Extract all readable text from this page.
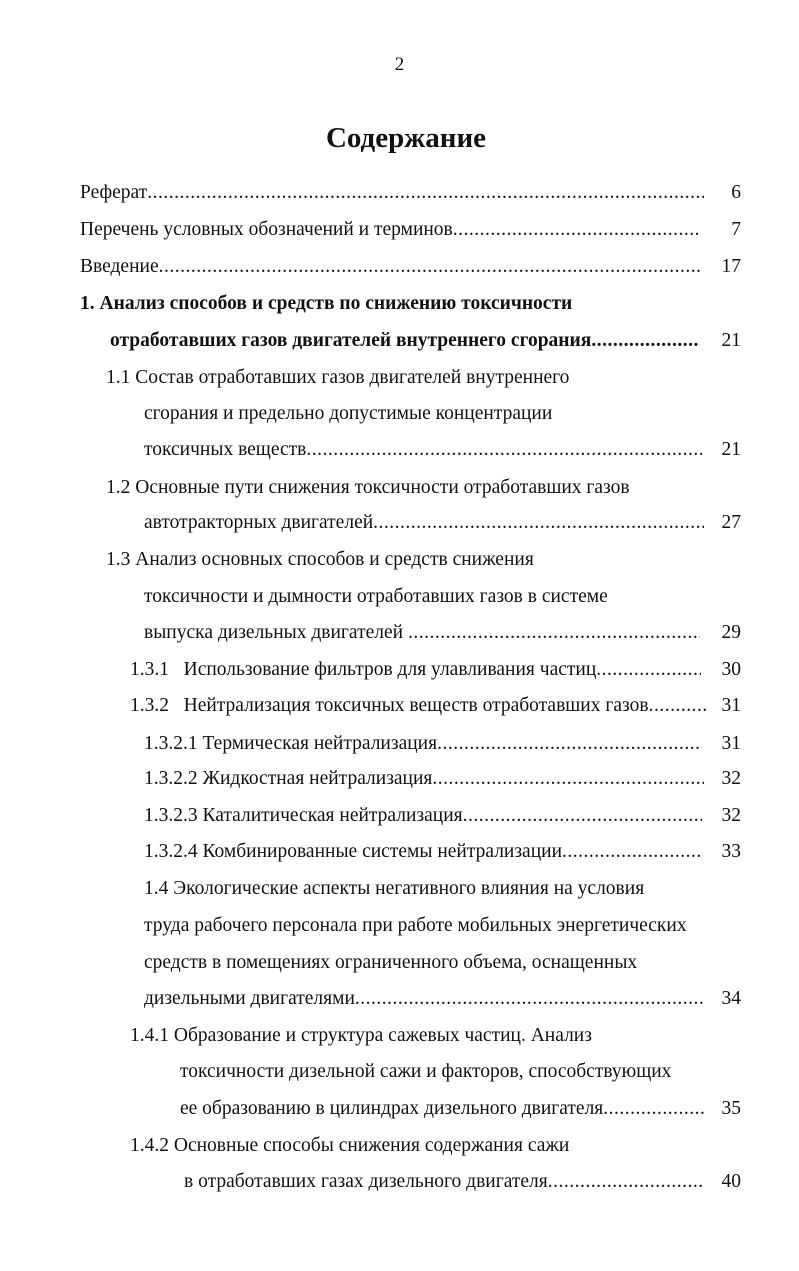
2
Содержание
Реферат .....	6
Перечень условных обозначений и терминов .....	7
Введение .....	17
1. Анализ способов и средств по снижению токсичности
отработавших газов двигателей внутреннего сгорания .....	21
1.1 Состав отработавших газов двигателей внутреннего
сгорания и предельно допустимые концентрации
токсичных веществ .....	21
1.2 Основные пути снижения токсичности отработавших газов
автотракторных двигателей .....	27
1.3 Анализ основных способов и средств снижения
токсичности и дымности отработавших газов в системе
выпуска дизельных двигателей .....	29
1.3.1   Использование фильтров для улавливания частиц .....	30
1.3.2   Нейтрализация токсичных веществ отработавших газов .....	31
1.3.2.1 Термическая нейтрализация .....	31
1.3.2.2 Жидкостная нейтрализация .....	32
1.3.2.3 Каталитическая нейтрализация .....	32
1.3.2.4 Комбинированные системы нейтрализации .....	33
1.4 Экологические аспекты негативного влияния на условия
труда рабочего персонала при работе мобильных энергетических
средств в помещениях ограниченного объема, оснащенных
дизельными двигателями .....	34
1.4.1 Образование и структура сажевых частиц. Анализ
токсичности дизельной сажи и факторов, способствующих
ее образованию в цилиндрах дизельного двигателя .....	35
1.4.2 Основные способы снижения содержания сажи
в отработавших газах дизельного двигателя .....	40
